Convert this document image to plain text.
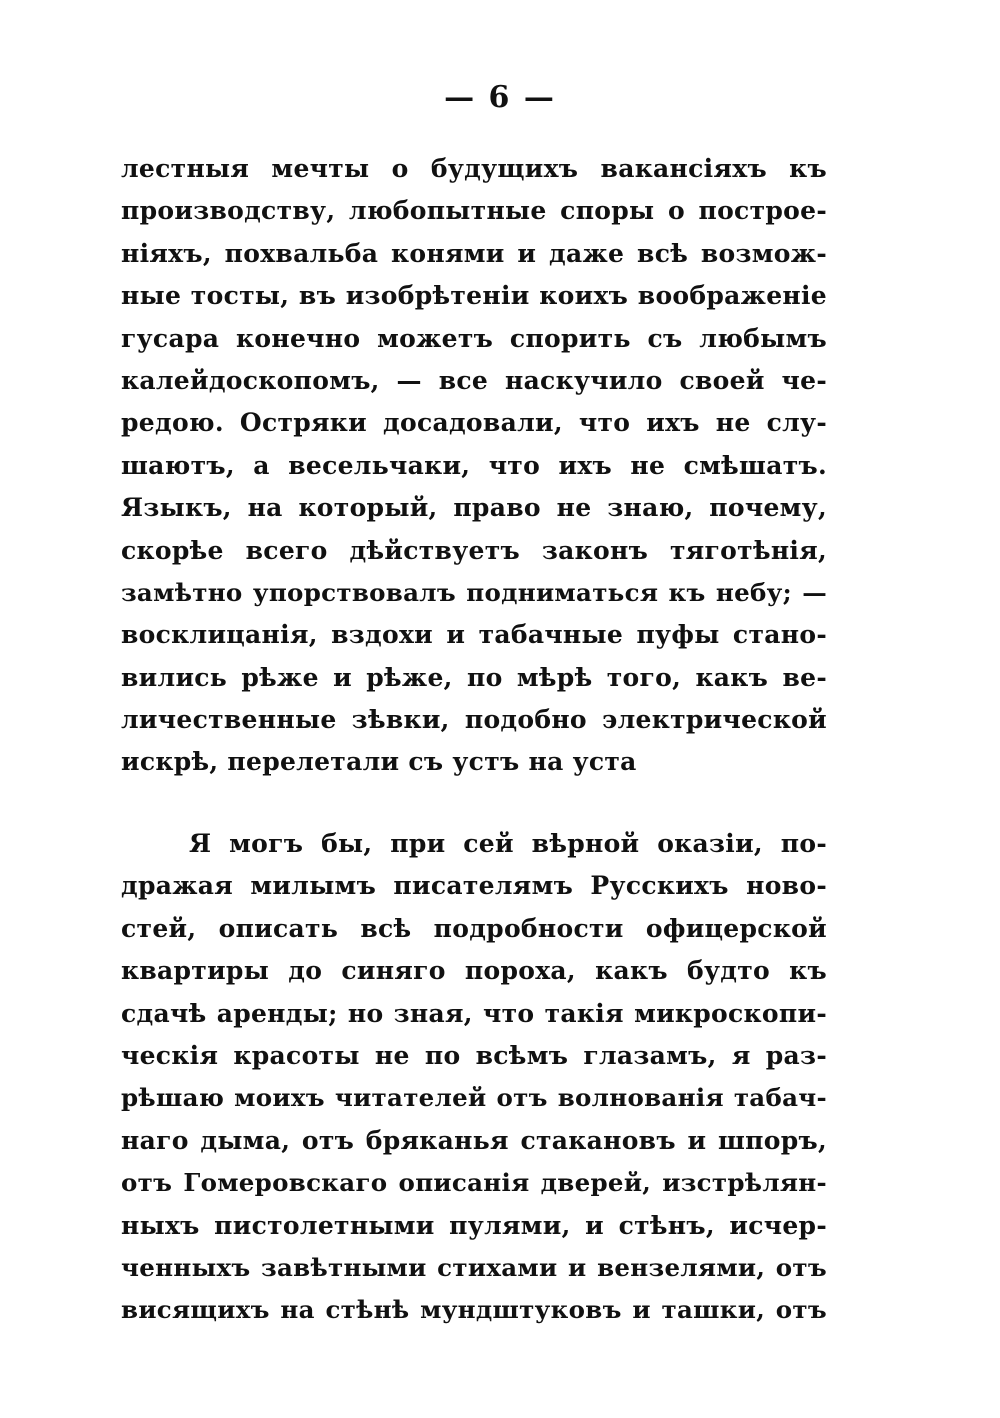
— 6 —
лестныя мечты о будущихъ вакансіяхъ къ
производству, любопытные споры о построе-
ніяхъ, похвальба конями и даже всѣ возмож-
ные тосты, въ изобрѣтеніи коихъ воображеніе
гусара конечно можетъ спорить съ любымъ
калейдоскопомъ, — все наскучило своей че-
редою. Остряки досадовали, что ихъ не слу-
шаютъ, а весельчаки, что ихъ не смѣшатъ.
Языкъ, на который, право не знаю, почему,
скорѣе всего дѣйствуетъ законъ тяготѣнія,
замѣтно упорствовалъ подниматься къ небу; —
восклицанія, вздохи и табачные пуфы стано-
вились рѣже и рѣже, по мѣрѣ того, какъ ве-
личественные зѣвки, подобно электрической
искрѣ, перелетали съ устъ на уста
Я могъ бы, при сей вѣрной оказіи, по-
дражая милымъ писателямъ Русскихъ ново-
стей, описать всѣ подробности офицерской
квартиры до синяго пороха, какъ будто къ
сдачѣ аренды; но зная, что такія микроскопи-
ческія красоты не по всѣмъ глазамъ, я раз-
рѣшаю моихъ читателей отъ волнованія табач-
наго дыма, отъ бряканья стакановъ и шпоръ,
отъ Гомеровскаго описанія дверей, изстрѣлян-
ныхъ пистолетными пулями, и стѣнъ, исчер-
ченныхъ завѣтными стихами и вензелями, отъ
висящихъ на стѣнѣ мундштуковъ и ташки, отъ
